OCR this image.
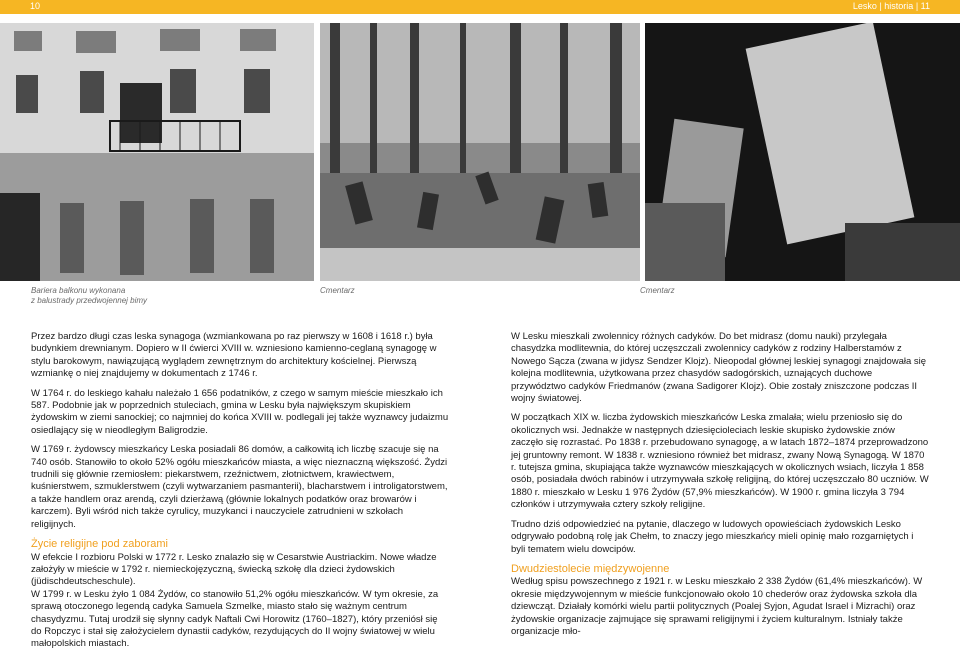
10	Lesko | historia | 11
Bariera balkonu wykonana
z balustrady przedwojennej bimy
Cmentarz	Cmentarz

Przez bardzo długi czas leska synagoga (wzmiankowana po raz pierwszy w 1608 i 1618 r.) była budynkiem drewnianym. Dopiero w II ćwierci XVIII w. wzniesiono kamienno-ceglaną synagogę w stylu barokowym, nawiązującą wyglądem zewnętrznym do architektury kościelnej. Pierwszą wzmiankę o niej znajdujemy w dokumentach z 1746 r.

W 1764 r. do leskiego kahału należało 1 656 podatników, z czego w samym mieście mieszkało ich 587. Podobnie jak w poprzednich stuleciach, gmina w Lesku była największym skupiskiem żydowskim w ziemi sanockiej; co najmniej do końca XVIII w. podlegali jej także wyznawcy judaizmu osiedlający się w nieodległym Baligrodzie.

W 1769 r. żydowscy mieszkańcy Leska posiadali 86 domów, a całkowitą ich liczbę szacuje się na 740 osób. Stanowiło to około 52% ogółu mieszkańców miasta, a więc nieznaczną większość. Żydzi trudnili się głównie rzemiosłem: piekarstwem, rzeźnictwem, złotnictwem, krawiectwem, kuśnierstwem, szmuklerstwem (czyli wytwarzaniem pasmanterii), blacharstwem i introligatorstwem, a także handlem oraz arendą, czyli dzierżawą (głównie lokalnych podatków oraz browarów i karczem). Byli wśród nich także cyrulicy, muzykanci i nauczyciele zatrudnieni w szkołach religijnych.

Życie religijne pod zaborami

W efekcie I rozbioru Polski w 1772 r. Lesko znalazło się w Cesarstwie Austriackim. Nowe władze założyły w mieście w 1792 r. niemieckojęzyczną, świecką szkołę dla dzieci żydowskich (jüdischdeutscheschule).

W 1799 r. w Lesku żyło 1 084 Żydów, co stanowiło 51,2% ogółu mieszkańców. W tym okresie, za sprawą otoczonego legendą cadyka Samuela Szmelke, miasto stało się ważnym centrum chasydyzmu. Tutaj urodził się słynny cadyk Naftali Cwi Horowitz (1760–1827), który przeniósł się do Ropczyc i stał się założycielem dynastii cadyków, rezydujących do II wojny światowej w wielu małopolskich miastach.

W Lesku mieszkali zwolennicy różnych cadyków. Do bet midrasz (domu nauki) przylegała chasydzka modlitewnia, do której uczęszczali zwolennicy cadyków z rodziny Halberstamów z Nowego Sącza (zwana w jidysz Sendzer Klojz). Nieopodal głównej leskiej synagogi znajdowała się kolejna modlitewnia, użytkowana przez chasydów sadogórskich, uznających duchowe przywództwo cadyków Friedmanów (zwana Sadigorer Klojz). Obie zostały zniszczone podczas II wojny światowej.

W początkach XIX w. liczba żydowskich mieszkańców Leska zmalała; wielu przeniosło się do okolicznych wsi. Jednakże w następnych dziesięcioleciach leskie skupisko żydowskie znów zaczęło się rozrastać. Po 1838 r. przebudowano synagogę, a w latach 1872–1874 przeprowadzono jej gruntowny remont. W 1838 r. wzniesiono również bet midrasz, zwany Nową Synagogą. W 1870 r. tutejsza gmina, skupiająca także wyznawców mieszkających w okolicznych wsiach, liczyła 1 858 osób, posiadała dwóch rabinów i utrzymywała szkołę religijną, do której uczęszczało 80 uczniów. W 1880 r. mieszkało w Lesku 1 976 Żydów (57,9% mieszkańców). W 1900 r. gmina liczyła 3 794 członków i utrzymywała cztery szkoły religijne.

Trudno dziś odpowiedzieć na pytanie, dlaczego w ludowych opowieściach żydowskich Lesko odgrywało podobną rolę jak Chełm, to znaczy jego mieszkańcy mieli opinię mało rozgarniętych i byli tematem wielu dowcipów.

Dwudziestolecie międzywojenne

Według spisu powszechnego z 1921 r. w Lesku mieszkało 2 338 Żydów (61,4% mieszkańców). W okresie międzywojennym w mieście funkcjonowało około 10 chederów oraz żydowska szkoła dla dziewcząt. Działały komórki wielu partii politycznych (Poalej Syjon, Agudat Israel i Mizrachi) oraz żydowskie organizacje zajmujące się sprawami religijnymi i życiem kulturalnym. Istniały także organizacje mło-
